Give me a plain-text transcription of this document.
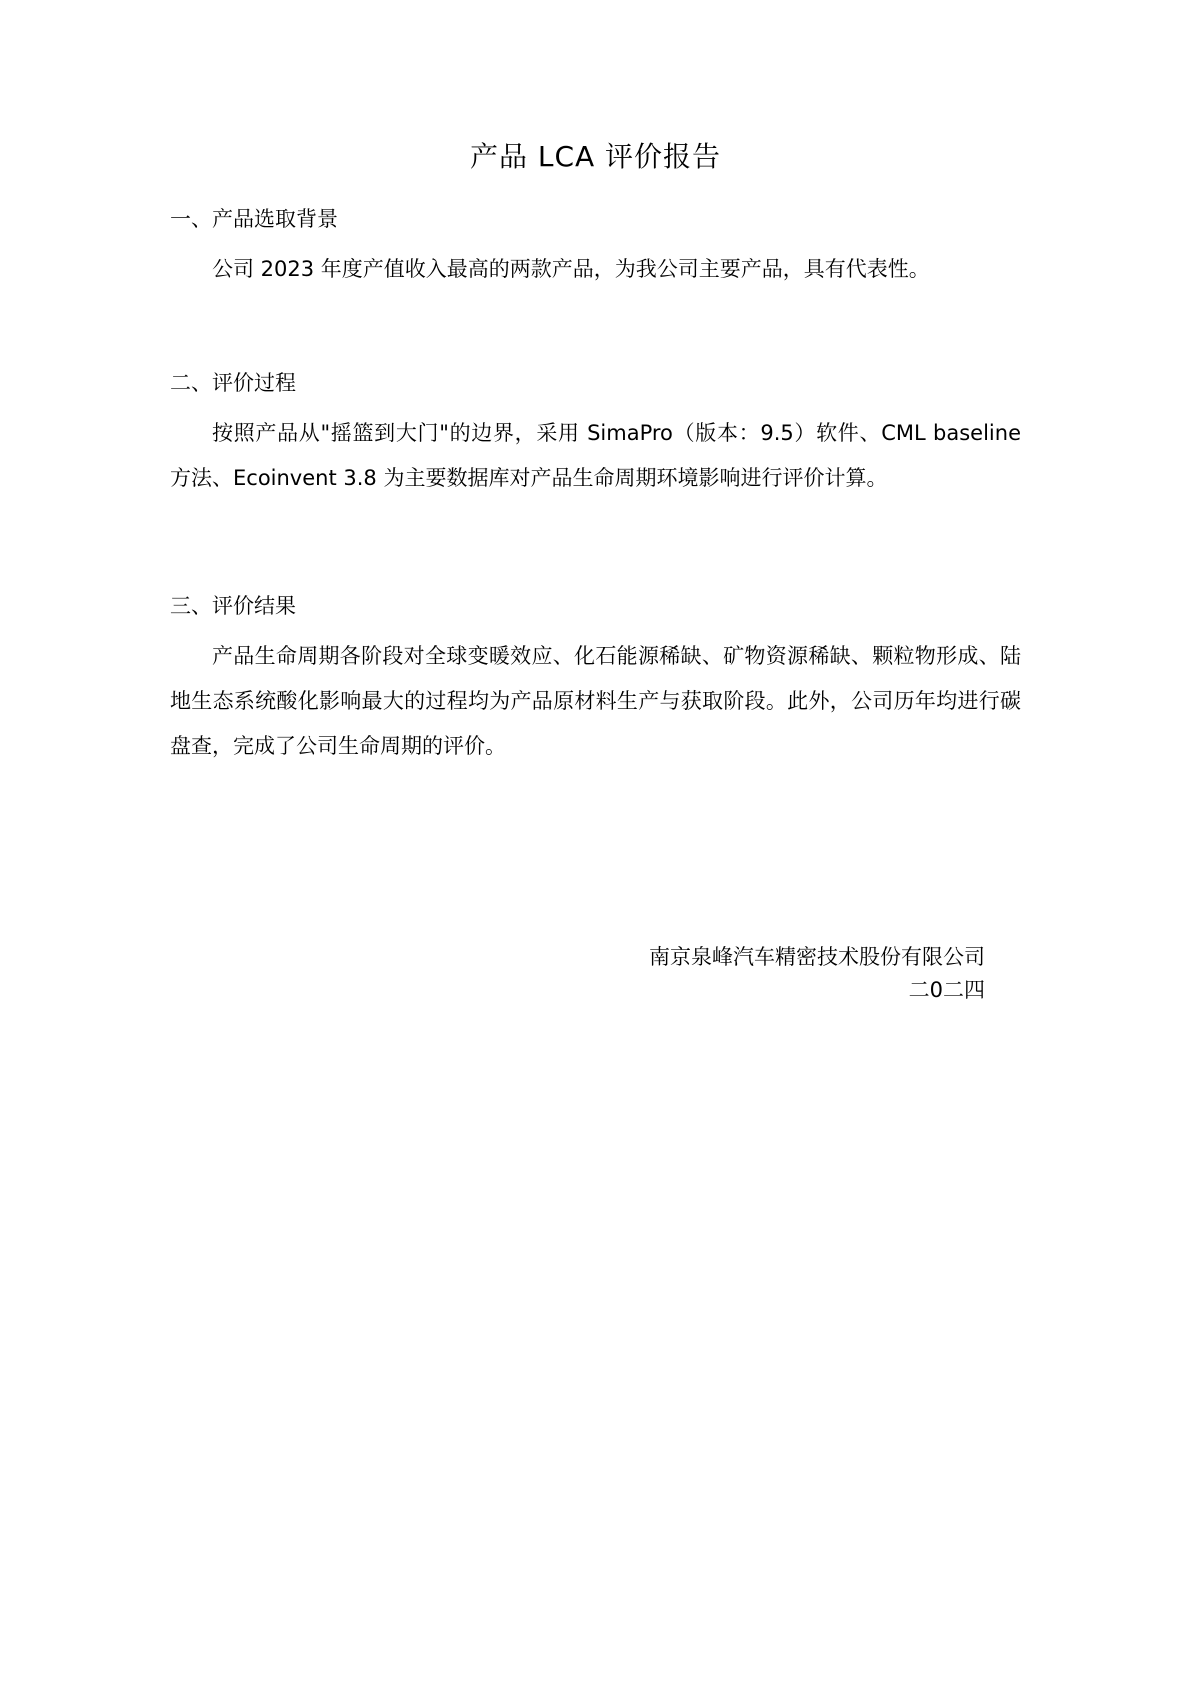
产品 LCA 评价报告
一、产品选取背景

公司 2023 年度产值收入最高的两款产品，为我公司主要产品，具有代表性。

二、评价过程

按照产品从"摇篮到大门"的边界，采用 SimaPro（版本：9.5）软件、CML baseline 方法、Ecoinvent 3.8 为主要数据库对产品生命周期环境影响进行评价计算。

三、评价结果

产品生命周期各阶段对全球变暖效应、化石能源稀缺、矿物资源稀缺、颗粒物形成、陆地生态系统酸化影响最大的过程均为产品原材料生产与获取阶段。此外，公司历年均进行碳盘查，完成了公司生命周期的评价。

南京泉峰汽车精密技术股份有限公司
二0二四
